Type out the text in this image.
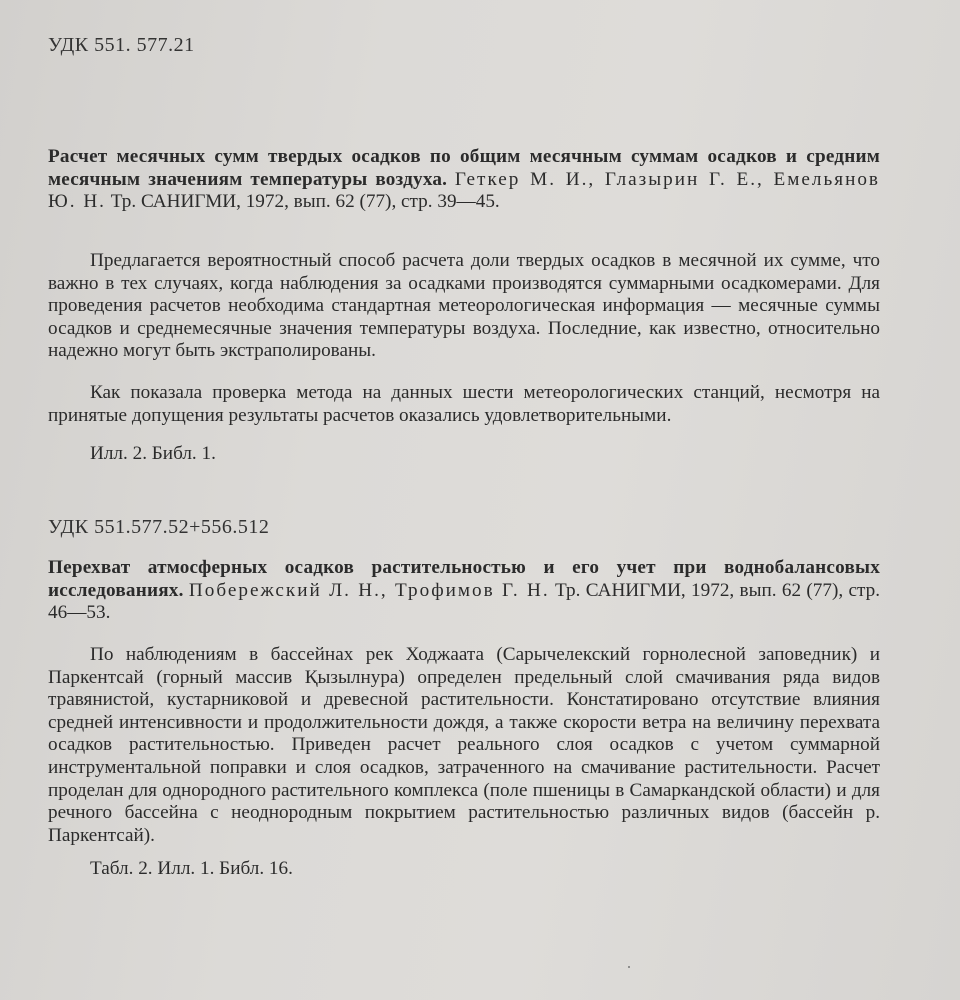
УДК 551. 577.21
Расчет месячных сумм твердых осадков по общим месячным суммам осадков и средним месячным значениям температуры воздуха. Геткер М. И., Глазырин Г. Е., Емельянов Ю. Н. Тр. САНИГМИ, 1972, вып. 62 (77), стр. 39—45.
Предлагается вероятностный способ расчета доли твердых осадков в месячной их сумме, что важно в тех случаях, когда наблюдения за осадками производятся суммарными осадкомерами. Для проведения расчетов необходима стандартная метеорологическая информация — месячные суммы осадков и среднемесячные значения температуры воздуха. Последние, как известно, относительно надежно могут быть экстраполированы.
Как показала проверка метода на данных шести метеорологических станций, несмотря на принятые допущения результаты расчетов оказались удовлетворительными.
Илл. 2. Библ. 1.
УДК 551.577.52+556.512
Перехват атмосферных осадков растительностью и его учет при воднобалансовых исследованиях. Побережский Л. Н., Трофимов Г. Н. Тр. САНИГМИ, 1972, вып. 62 (77), стр. 46—53.
По наблюдениям в бассейнах рек Ходжаата (Сарычелекский горнолесной заповедник) и Паркентсай (горный массив Қызылнура) определен предельный слой смачивания ряда видов травянистой, кустарниковой и древесной растительности. Констатировано отсутствие влияния средней интенсивности и продолжительности дождя, а также скорости ветра на величину перехвата осадков растительностью. Приведен расчет реального слоя осадков с учетом суммарной инструментальной поправки и слоя осадков, затраченного на смачивание растительности. Расчет проделан для однородного растительного комплекса (поле пшеницы в Самаркандской области) и для речного бассейна с неоднородным покрытием растительностью различных видов (бассейн р. Паркентсай).
Табл. 2. Илл. 1. Библ. 16.
